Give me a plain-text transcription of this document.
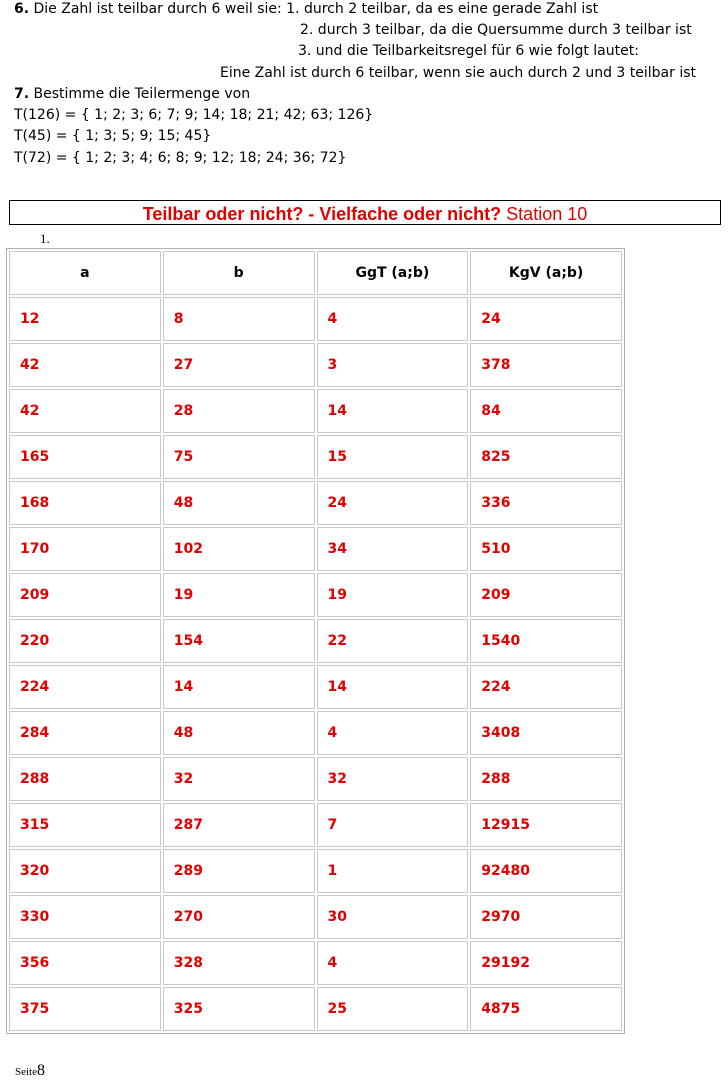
6. Die Zahl ist teilbar durch 6 weil sie: 1. durch 2 teilbar, da es eine gerade Zahl ist
2. durch 3 teilbar, da die Quersumme durch 3 teilbar ist
3. und die Teilbarkeitsregel für 6 wie folgt lautet:
Eine Zahl ist durch 6 teilbar, wenn sie auch durch 2 und 3 teilbar ist
7. Bestimme die Teilermenge von
T(126) = { 1; 2; 3; 6; 7; 9; 14; 18; 21; 42; 63; 126}
T(45) = { 1; 3; 5; 9; 15; 45}
T(72) = { 1; 2; 3; 4; 6; 8; 9; 12; 18; 24; 36; 72}
Teilbar oder nicht? - Vielfache oder nicht? Station 10
1.
a	b	GgT (a;b)	KgV (a;b)
12	8	4	24
42	27	3	378
42	28	14	84
165	75	15	825
168	48	24	336
170	102	34	510
209	19	19	209
220	154	22	1540
224	14	14	224
284	48	4	3408
288	32	32	288
315	287	7	12915
320	289	1	92480
330	270	30	2970
356	328	4	29192
375	325	25	4875
Seite8
